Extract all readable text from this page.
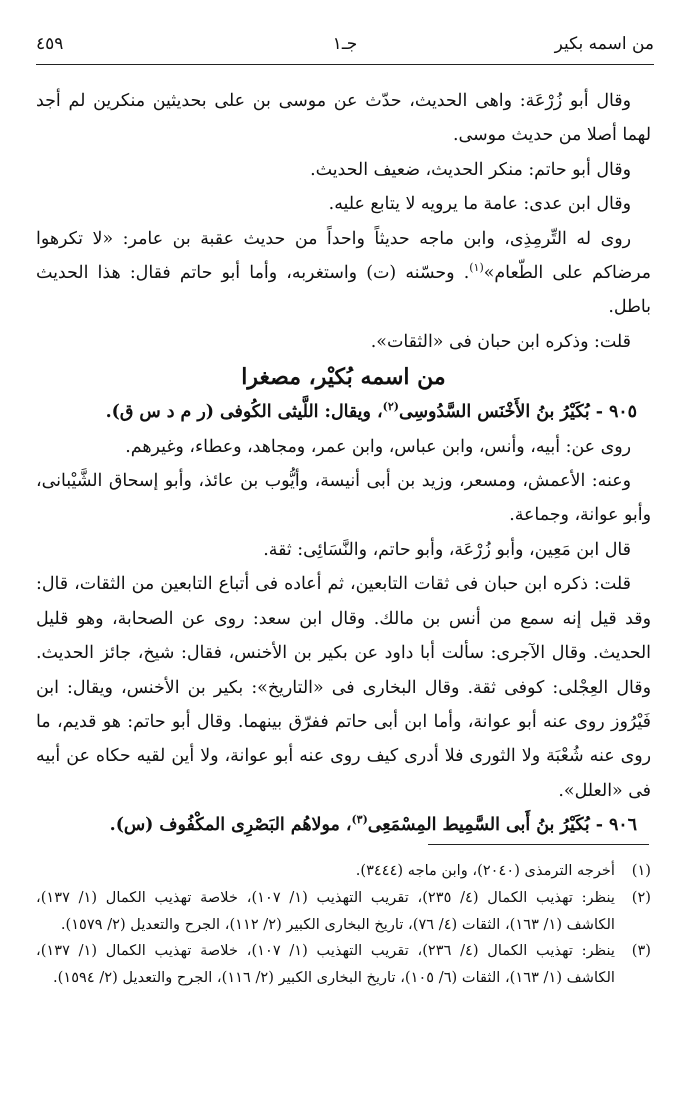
من اسمه بكير
جـ١
٤٥٩

وقال أبو زُرْعَة: واهى الحديث، حدّث عن موسى بن على بحديثين منكرين لم أجد لهما أصلا من حديث موسى.

وقال أبو حاتم: منكر الحديث، ضعيف الحديث.

وقال ابن عدى: عامة ما يرويه لا يتابع عليه.

روى له التِّرمِذِى، وابن ماجه حديثاً واحداً من حديث عقبة بن عامر: «لا تكرهوا مرضاكم على الطّعام»$^{(١)}$. وحسّنه (ت) واستغربه، وأما أبو حاتم فقال: هذا الحديث باطل.

قلت: وذكره ابن حبان فى «الثقات».

من اسمه بُكيْر، مصغرا

٩٠٥ - بُكَيْرُ بنُ الأَخْنَس السَّدُوسِى$^{(٢)}$، ويقال: اللَّيثى الكُوفى (ر م د س ق).

روى عن: أبيه، وأنس، وابن عباس، وابن عمر، ومجاهد، وعطاء، وغيرهم.

وعنه: الأعمش، ومسعر، وزيد بن أبى أنيسة، وأيُّوب بن عائذ، وأبو إسحاق الشَّيْبانى، وأبو عوانة، وجماعة.

قال ابن مَعِين، وأبو زُرْعَة، وأبو حاتم، والنَّسَائِى: ثقة.

قلت: ذكره ابن حبان فى ثقات التابعين، ثم أعاده فى أتباع التابعين من الثقات، قال: وقد قيل إنه سمع من أنس بن مالك. وقال ابن سعد: روى عن الصحابة، وهو قليل الحديث. وقال الآجرى: سألت أبا داود عن بكير بن الأخنس، فقال: شيخ، جائز الحديث. وقال العِجْلى: كوفى ثقة. وقال البخارى فى «التاريخ»: بكير بن الأخنس، ويقال: ابن فَيْرُوز روى عنه أبو عوانة، وأما ابن أبى حاتم ففرّق بينهما. وقال أبو حاتم: هو قديم، ما روى عنه شُعْبَة ولا الثورى فلا أدرى كيف روى عنه أبو عوانة، ولا أين لقيه حكاه عن أبيه فى «العلل».

٩٠٦ - بُكَيْرُ بنُ أَبى السَّمِيط المِسْمَعِى$^{(٣)}$، مولاهُم البَصْرِى المكْفُوف (س).

(١)
أخرجه الترمذى (٢٠٤٠)، وابن ماجه (٣٤٤٤).
(٢)
ينظر: تهذيب الكمال (٤/ ٢٣٥)، تقريب التهذيب (١/ ١٠٧)، خلاصة تهذيب الكمال (١/ ١٣٧)، الكاشف (١/ ١٦٣)، الثقات (٤/ ٧٦)، تاريخ البخارى الكبير (٢/ ١١٢)، الجرح والتعديل (٢/ ١٥٧٩).
(٣)
ينظر: تهذيب الكمال (٤/ ٢٣٦)، تقريب التهذيب (١/ ١٠٧)، خلاصة تهذيب الكمال (١/ ١٣٧)، الكاشف (١/ ١٦٣)، الثقات (٦/ ١٠٥)، تاريخ البخارى الكبير (٢/ ١١٦)، الجرح والتعديل (٢/ ١٥٩٤).
